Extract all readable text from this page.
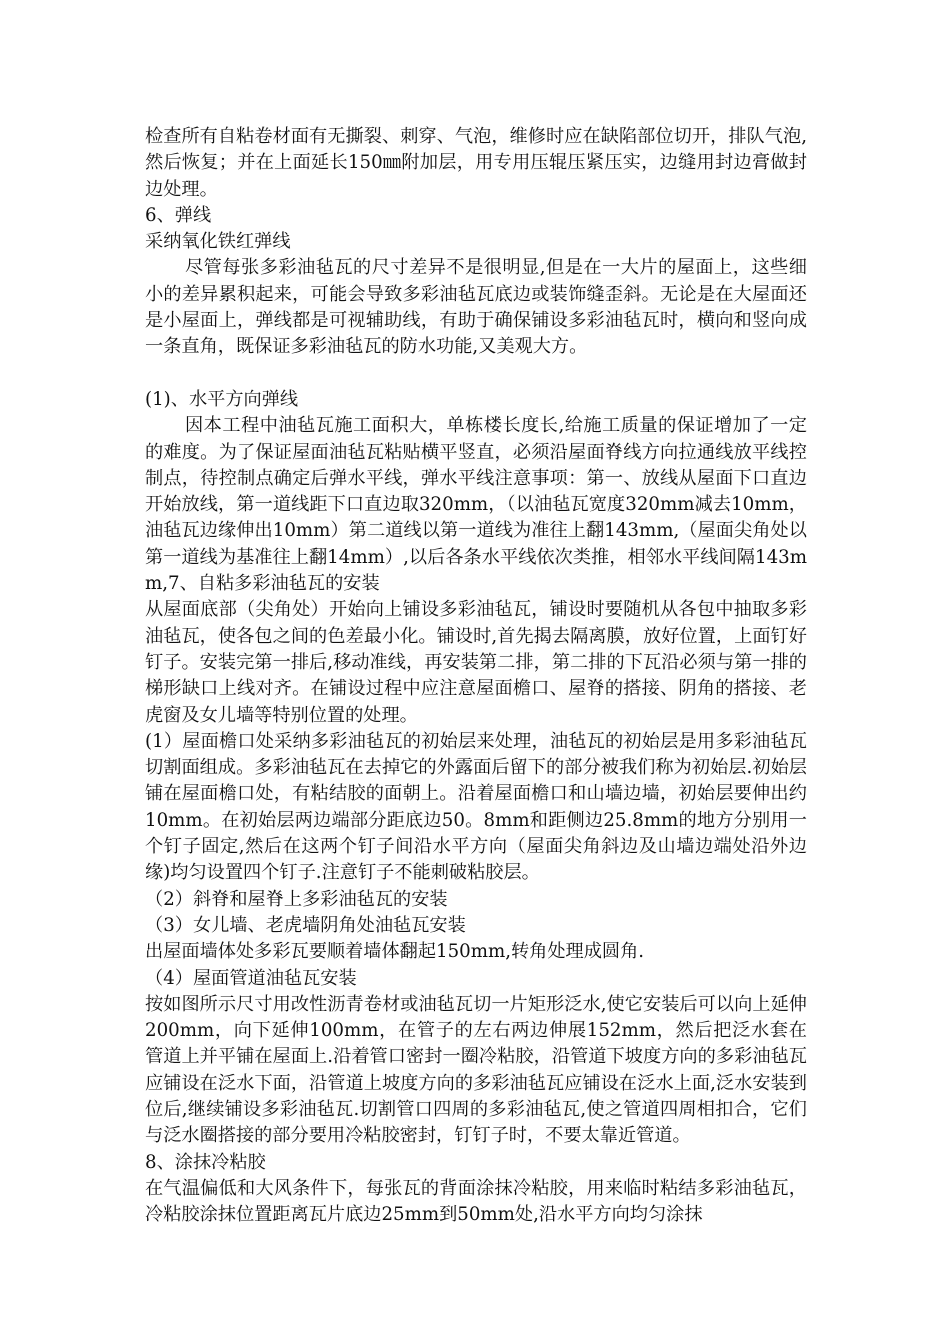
检查所有自粘卷材面有无撕裂、刺穿、气泡，维修时应在缺陷部位切开，排队气泡,然后恢复；并在上面延长150㎜附加层，用专用压辊压紧压实，边缝用封边膏做封边处理。

6、弹线

采纳氧化铁红弹线

尽管每张多彩油毡瓦的尺寸差异不是很明显,但是在一大片的屋面上，这些细小的差异累积起来，可能会导致多彩油毡瓦底边或装饰缝歪斜。无论是在大屋面还是小屋面上，弹线都是可视辅助线，有助于确保铺设多彩油毡瓦时，横向和竖向成一条直角，既保证多彩油毡瓦的防水功能,又美观大方。

(1)、水平方向弹线

因本工程中油毡瓦施工面积大，单栋楼长度长,给施工质量的保证增加了一定的难度。为了保证屋面油毡瓦粘贴横平竖直，必须沿屋面脊线方向拉通线放平线控制点，待控制点确定后弹水平线，弹水平线注意事项：第一、放线从屋面下口直边开始放线，第一道线距下口直边取320mm，（以油毡瓦宽度320mm减去10mm，油毡瓦边缘伸出10mm）第二道线以第一道线为准往上翻143mm,（屋面尖角处以第一道线为基准往上翻14mm）,以后各条水平线依次类推，相邻水平线间隔143mm,7、自粘多彩油毡瓦的安装

从屋面底部（尖角处）开始向上铺设多彩油毡瓦，铺设时要随机从各包中抽取多彩油毡瓦，使各包之间的色差最小化。铺设时,首先揭去隔离膜，放好位置，上面钉好钉子。安装完第一排后,移动准线，再安装第二排，第二排的下瓦沿必须与第一排的梯形缺口上线对齐。在铺设过程中应注意屋面檐口、屋脊的搭接、阴角的搭接、老虎窗及女儿墙等特别位置的处理。

(1）屋面檐口处采纳多彩油毡瓦的初始层来处理，油毡瓦的初始层是用多彩油毡瓦切割面组成。多彩油毡瓦在去掉它的外露面后留下的部分被我们称为初始层.初始层铺在屋面檐口处，有粘结胶的面朝上。沿着屋面檐口和山墙边墙，初始层要伸出约10mm。在初始层两边端部分距底边50。8mm和距侧边25.8mm的地方分别用一个钉子固定,然后在这两个钉子间沿水平方向（屋面尖角斜边及山墙边端处沿外边缘)均匀设置四个钉子.注意钉子不能刺破粘胶层。

（2）斜脊和屋脊上多彩油毡瓦的安装

（3）女儿墙、老虎墙阴角处油毡瓦安装

出屋面墙体处多彩瓦要顺着墙体翻起150mm,转角处理成圆角.

（4）屋面管道油毡瓦安装

按如图所示尺寸用改性沥青卷材或油毡瓦切一片矩形泛水,使它安装后可以向上延伸200mm，向下延伸100mm，在管子的左右两边伸展152mm，然后把泛水套在管道上并平铺在屋面上.沿着管口密封一圈冷粘胶，沿管道下坡度方向的多彩油毡瓦应铺设在泛水下面，沿管道上坡度方向的多彩油毡瓦应铺设在泛水上面,泛水安装到位后,继续铺设多彩油毡瓦.切割管口四周的多彩油毡瓦,使之管道四周相扣合，它们与泛水圈搭接的部分要用冷粘胶密封，钉钉子时，不要太靠近管道。

8、涂抹冷粘胶

在气温偏低和大风条件下，每张瓦的背面涂抹冷粘胶，用来临时粘结多彩油毡瓦，冷粘胶涂抹位置距离瓦片底边25mm到50mm处,沿水平方向均匀涂抹
